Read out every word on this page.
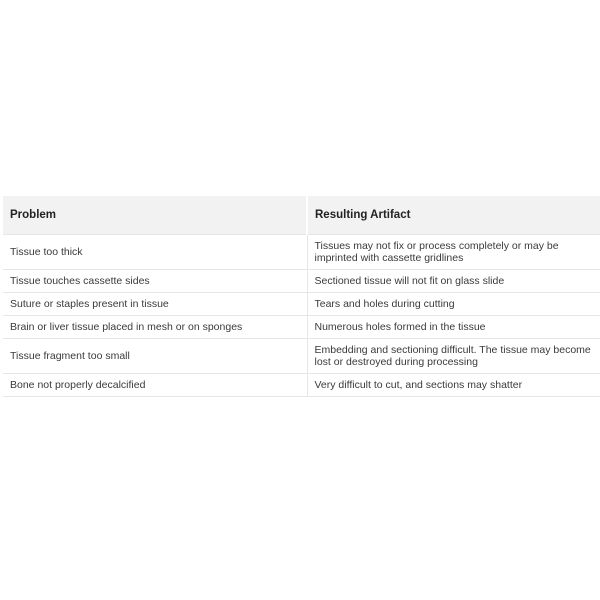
Problem	Resulting Artifact
Tissue too thick	Tissues may not fix or process completely or may be imprinted with cassette gridlines
Tissue touches cassette sides	Sectioned tissue will not fit on glass slide
Suture or staples present in tissue	Tears and holes during cutting
Brain or liver tissue placed in mesh or on sponges	Numerous holes formed in the tissue
Tissue fragment too small	Embedding and sectioning difficult. The tissue may become lost or destroyed during processing
Bone not properly decalcified	Very difficult to cut, and sections may shatter
